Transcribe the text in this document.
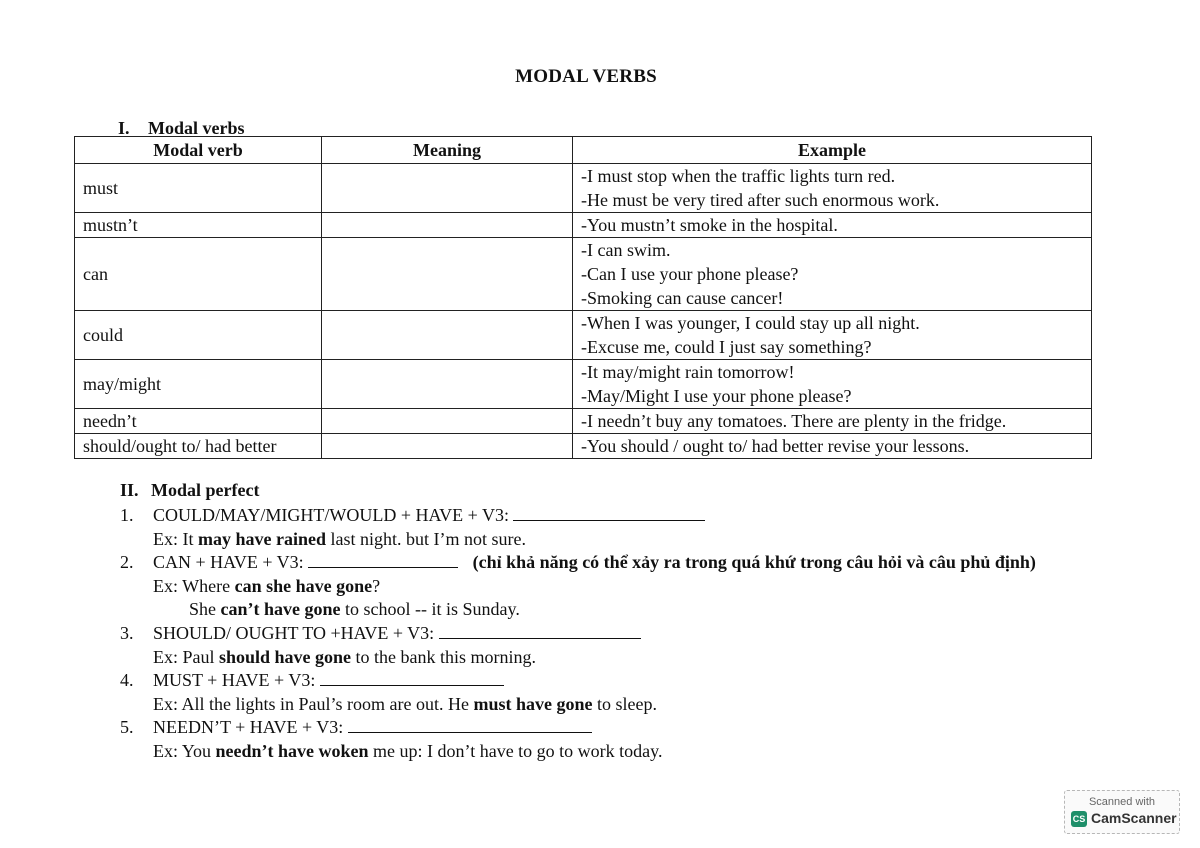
MODAL VERBS
I. Modal verbs
Modal verb	Meaning	Example
must		-I must stop when the traffic lights turn red.
-He must be very tired after such enormous work.

mustn’t		-You mustn’t smoke in the hospital.

can		-I can swim.
-Can I use your phone please?
-Smoking can cause cancer!

could		-When I was younger, I could stay up all night.
-Excuse me, could I just say something?

may/might		-It may/might rain tomorrow!
-May/Might I use your phone please?

needn’t		-I needn’t buy any tomatoes. There are plenty in the fridge.

should/ought to/ had better		-You should / ought to/ had better revise your lessons.
II. Modal perfect
1.	COULD/MAY/MIGHT/WOULD + HAVE + V3:
Ex: It may have rained last night. but I’m not sure.
2.	CAN + HAVE + V3:	(chỉ khả năng có thể xảy ra trong quá khứ trong câu hỏi và câu phủ định)
Ex: Where can she have gone?
She can’t have gone to school -- it is Sunday.
3.	SHOULD/ OUGHT TO +HAVE + V3:
Ex: Paul should have gone to the bank this morning.
4.	MUST + HAVE + V3:
Ex: All the lights in Paul’s room are out. He must have gone to sleep.
5.	NEEDN’T + HAVE + V3:
Ex: You needn’t have woken me up: I don’t have to go to work today.
Scanned with
CS CamScanner
